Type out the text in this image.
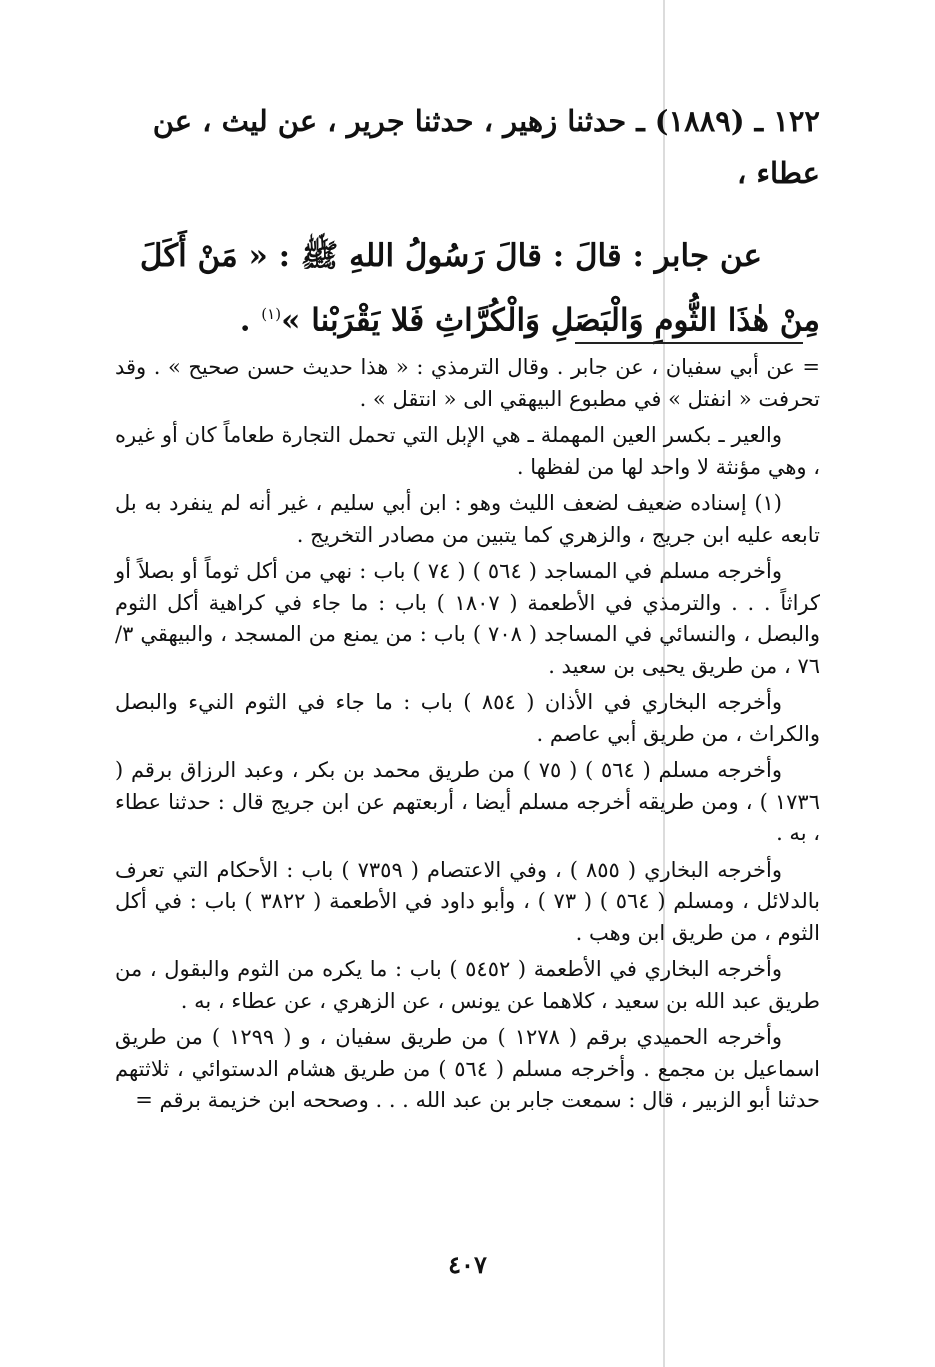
١٢٢ ـ (١٨٨٩) ـ حدثنا زهير ، حدثنا جرير ، عن ليث ، عن عطاء ،

عن جابر : قالَ : قالَ رَسُولُ اللهِ ﷺ : « مَنْ أَكَلَ مِنْ هٰذَا الثُّومِ وَالْبَصَلِ وَالْكُرَّاثِ فَلا يَقْرَبْنا »$^{(١)}$ .

= عن أبي سفيان ، عن جابر . وقال الترمذي : « هذا حديث حسن صحيح » . وقد تحرفت « انفتل » في مطبوع البيهقي الى « انتقل » .

والعير ـ بكسر العين المهملة ـ هي الإبل التي تحمل التجارة طعاماً كان أو غيره ، وهي مؤنثة لا واحد لها من لفظها .

(١) إسناده ضعيف لضعف الليث وهو : ابن أبي سليم ، غير أنه لم ينفرد به بل تابعه عليه ابن جريج ، والزهري كما يتبين من مصادر التخريج .

وأخرجه مسلم في المساجد ( ٥٦٤ ) ( ٧٤ ) باب : نهي من أكل ثوماً أو بصلاً أو كراثاً . . . والترمذي في الأطعمة ( ١٨٠٧ ) باب : ما جاء في كراهية أكل الثوم والبصل ، والنسائي في المساجد ( ٧٠٨ ) باب : من يمنع من المسجد ، والبيهقي ٣/ ٧٦ ، من طريق يحيى بن سعيد .

وأخرجه البخاري في الأذان ( ٨٥٤ ) باب : ما جاء في الثوم النيء والبصل والكراث ، من طريق أبي عاصم .

وأخرجه مسلم ( ٥٦٤ ) ( ٧٥ ) من طريق محمد بن بكر ، وعبد الرزاق برقم ( ١٧٣٦ ) ، ومن طريقه أخرجه مسلم أيضا ، أربعتهم عن ابن جريج قال : حدثنا عطاء ، به .

وأخرجه البخاري ( ٨٥٥ ) ، وفي الاعتصام ( ٧٣٥٩ ) باب : الأحكام التي تعرف بالدلائل ، ومسلم ( ٥٦٤ ) ( ٧٣ ) ، وأبو داود في الأطعمة ( ٣٨٢٢ ) باب : في أكل الثوم ، من طريق ابن وهب .

وأخرجه البخاري في الأطعمة ( ٥٤٥٢ ) باب : ما يكره من الثوم والبقول ، من طريق عبد الله بن سعيد ، كلاهما عن يونس ، عن الزهري ، عن عطاء ، به .

وأخرجه الحميدي برقم ( ١٢٧٨ ) من طريق سفيان ، و ( ١٢٩٩ ) من طريق اسماعيل بن مجمع . وأخرجه مسلم ( ٥٦٤ ) من طريق هشام الدستوائي ، ثلاثتهم حدثنا أبو الزبير ، قال : سمعت جابر بن عبد الله . . . وصححه ابن خزيمة برقم =

٤٠٧
